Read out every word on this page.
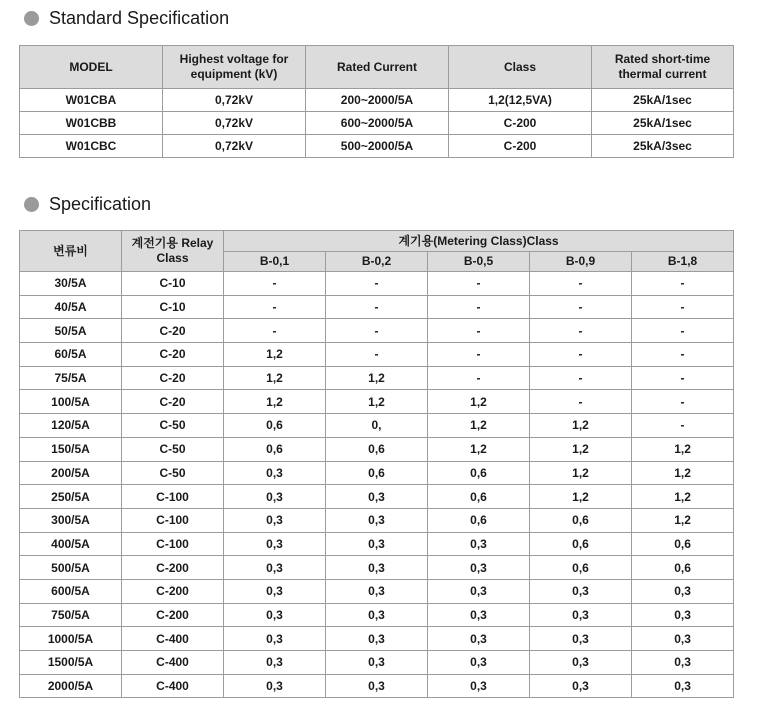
Standard Specification
MODEL	Highest voltage for equipment (kV)	Rated Current	Class	Rated short-time thermal current
W01CBA	0,72kV	200~2000/5A	1,2(12,5VA)	25kA/1sec
W01CBB	0,72kV	600~2000/5A	C-200	25kA/1sec
W01CBC	0,72kV	500~2000/5A	C-200	25kA/3sec
Specification
변류비	계전기용 Relay Class	계기용(Metering Class)Class				
		B-0,1	B-0,2	B-0,5	B-0,9	B-1,8
30/5A	C-10	-	-	-	-	-
40/5A	C-10	-	-	-	-	-
50/5A	C-20	-	-	-	-	-
60/5A	C-20	1,2	-	-	-	-
75/5A	C-20	1,2	1,2	-	-	-
100/5A	C-20	1,2	1,2	1,2	-	-
120/5A	C-50	0,6	0,	1,2	1,2	-
150/5A	C-50	0,6	0,6	1,2	1,2	1,2
200/5A	C-50	0,3	0,6	0,6	1,2	1,2
250/5A	C-100	0,3	0,3	0,6	1,2	1,2
300/5A	C-100	0,3	0,3	0,6	0,6	1,2
400/5A	C-100	0,3	0,3	0,3	0,6	0,6
500/5A	C-200	0,3	0,3	0,3	0,6	0,6
600/5A	C-200	0,3	0,3	0,3	0,3	0,3
750/5A	C-200	0,3	0,3	0,3	0,3	0,3
1000/5A	C-400	0,3	0,3	0,3	0,3	0,3
1500/5A	C-400	0,3	0,3	0,3	0,3	0,3
2000/5A	C-400	0,3	0,3	0,3	0,3	0,3
